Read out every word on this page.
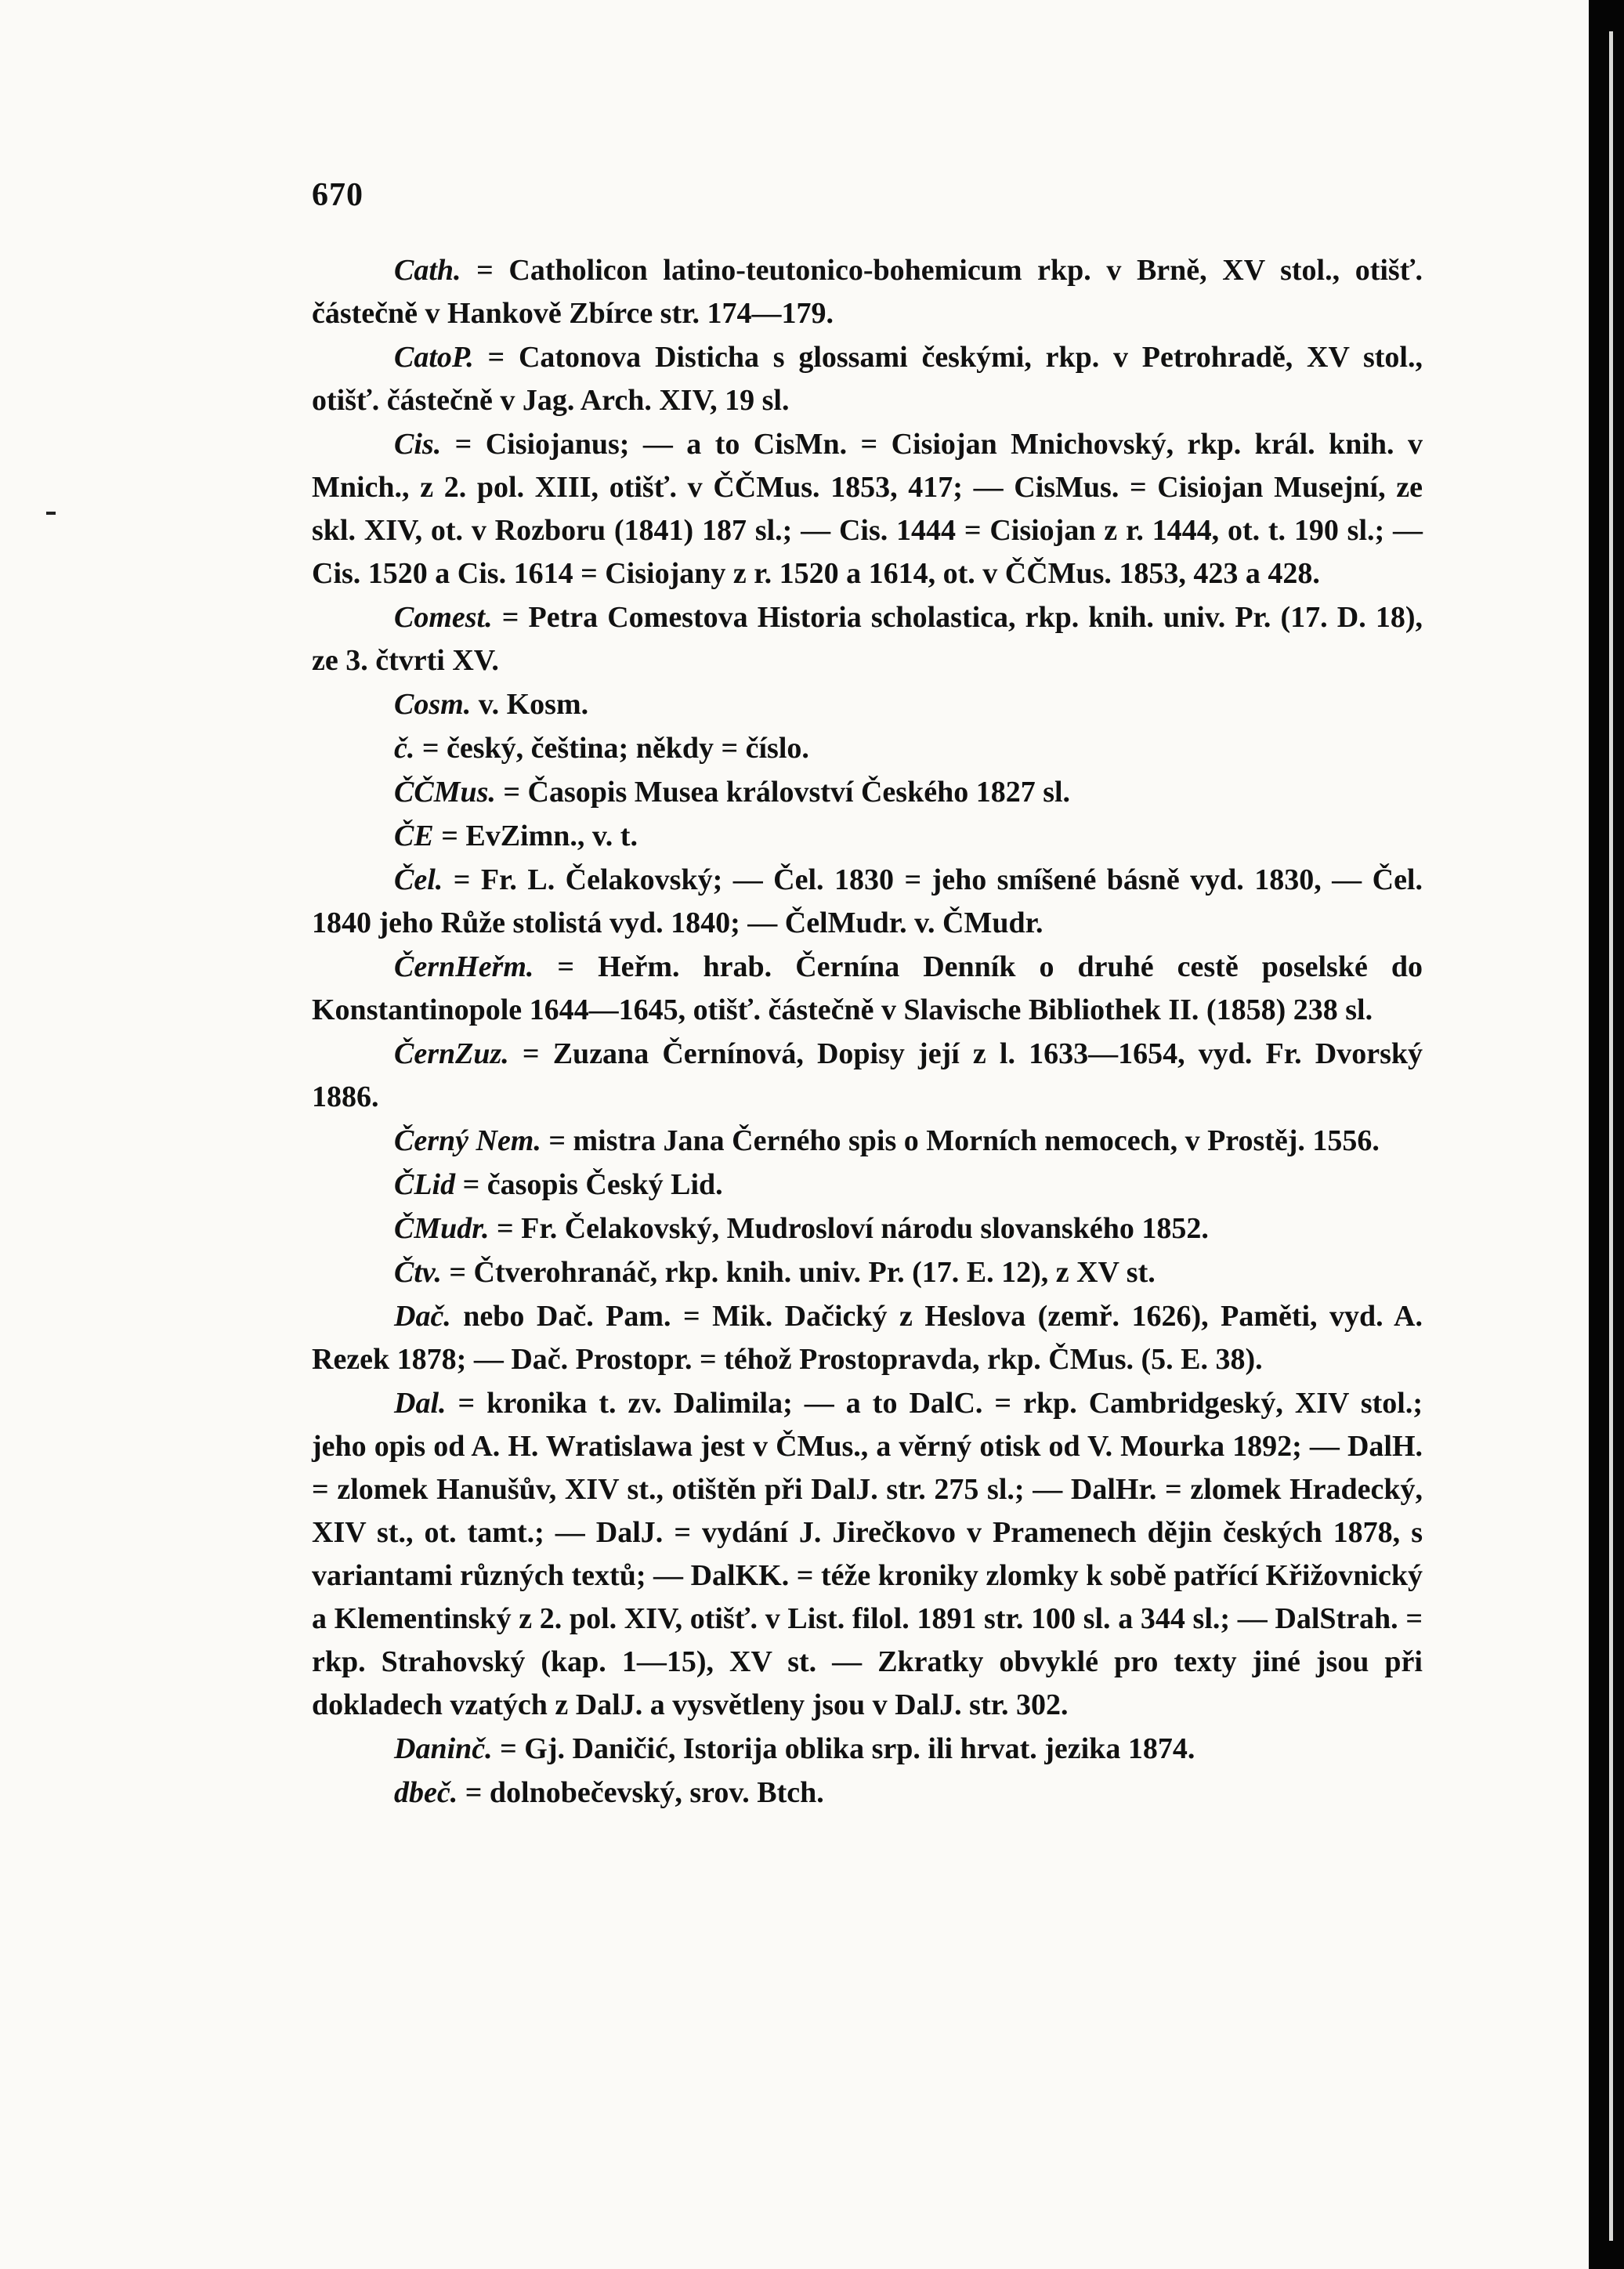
670

Cath. = Catholicon latino-teutonico-bohemicum rkp. v Brně, XV stol., otišť. částečně v Hankově Zbírce str. 174—179.

CatoP. = Catonova Disticha s glossami českými, rkp. v Petrohradě, XV stol., otišť. částečně v Jag. Arch. XIV, 19 sl.

Cis. = Cisiojanus; — a to CisMn. = Cisiojan Mnichovský, rkp. král. knih. v Mnich., z 2. pol. XIII, otišť. v ČČMus. 1853, 417; — CisMus. = Cisiojan Musejní, ze skl. XIV, ot. v Rozboru (1841) 187 sl.; — Cis. 1444 = Cisiojan z r. 1444, ot. t. 190 sl.; — Cis. 1520 a Cis. 1614 = Cisiojany z r. 1520 a 1614, ot. v ČČMus. 1853, 423 a 428.

Comest. = Petra Comestova Historia scholastica, rkp. knih. univ. Pr. (17. D. 18), ze 3. čtvrti XV.

Cosm. v. Kosm.

č. = český, čeština; někdy = číslo.

ČČMus. = Časopis Musea království Českého 1827 sl.

ČE = EvZimn., v. t.

Čel. = Fr. L. Čelakovský; — Čel. 1830 = jeho smíšené básně vyd. 1830, — Čel. 1840 jeho Růže stolistá vyd. 1840; — ČelMudr. v. ČMudr.

ČernHeřm. = Heřm. hrab. Černína Denník o druhé cestě poselské do Konstantinopole 1644—1645, otišť. částečně v Slavische Bibliothek II. (1858) 238 sl.

ČernZuz. = Zuzana Černínová, Dopisy její z l. 1633—1654, vyd. Fr. Dvorský 1886.

Černý Nem. = mistra Jana Černého spis o Morních nemocech, v Prostěj. 1556.

ČLid = časopis Český Lid.

ČMudr. = Fr. Čelakovský, Mudrosloví národu slovanského 1852.

Čtv. = Čtverohranáč, rkp. knih. univ. Pr. (17. E. 12), z XV st.

Dač. nebo Dač. Pam. = Mik. Dačický z Heslova (zemř. 1626), Paměti, vyd. A. Rezek 1878; — Dač. Prostopr. = téhož Prostopravda, rkp. ČMus. (5. E. 38).

Dal. = kronika t. zv. Dalimila; — a to DalC. = rkp. Cambridgeský, XIV stol.; jeho opis od A. H. Wratislawa jest v ČMus., a věrný otisk od V. Mourka 1892; — DalH. = zlomek Hanušův, XIV st., otištěn při DalJ. str. 275 sl.; — DalHr. = zlomek Hradecký, XIV st., ot. tamt.; — DalJ. = vydání J. Jirečkovo v Pramenech dějin českých 1878, s variantami různých textů; — DalKK. = téže kroniky zlomky k sobě patřící Křižovnický a Klementinský z 2. pol. XIV, otišť. v List. filol. 1891 str. 100 sl. a 344 sl.; — DalStrah. = rkp. Strahovský (kap. 1—15), XV st. — Zkratky obvyklé pro texty jiné jsou při dokladech vzatých z DalJ. a vysvětleny jsou v DalJ. str. 302.

Daninč. = Gj. Daničić, Istorija oblika srp. ili hrvat. jezika 1874.

dbeč. = dolnobečevský, srov. Btch.
